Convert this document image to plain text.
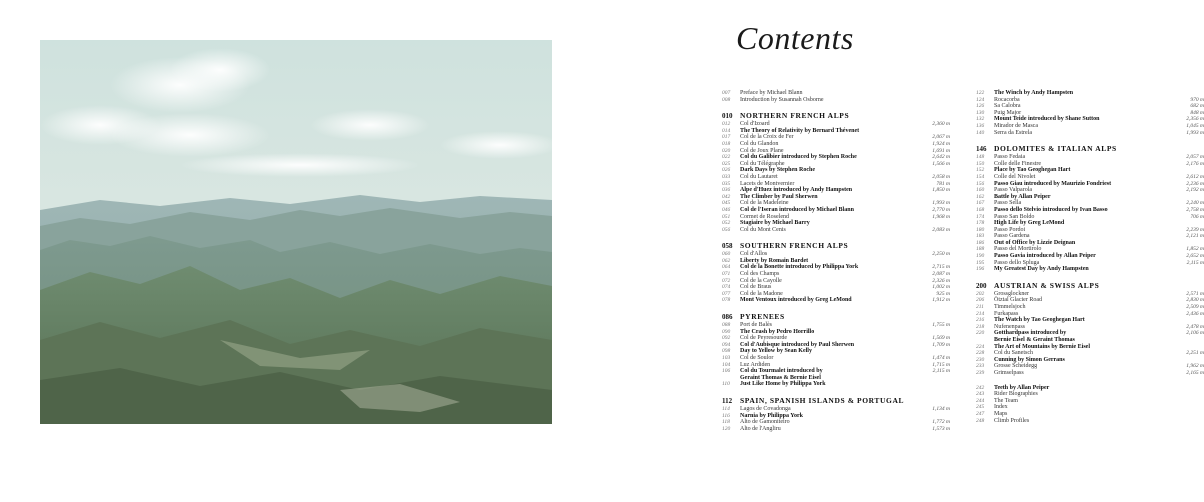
Contents
007	Preface by Michael Blann
008	Introduction by Susannah Osborne
010	NORTHERN FRENCH ALPS
012	Col d'Izoard	2,360 m
014	The Theory of Relativity by Bernard Thévenet
017	Col de la Croix de Fer	2,067 m
018	Col du Glandon	1,924 m
020	Col de Joux Plane	1,691 m
022	Col du Galibier introduced by Stephen Roche	2,642 m
025	Col du Télégraphe	1,566 m
026	Dark Days by Stephen Roche
033	Col du Lautaret	2,058 m
035	Lacets de Montvernier	781 m
036	Alpe d'Huez introduced by Andy Hampsten	1,850 m
042	The Climber by Paul Sherwen
045	Col de la Madeleine	1,993 m
046	Col de l'Iseran introduced by Michael Blann	2,770 m
051	Cormet de Roselend	1,968 m
052	Stagiaire by Michael Barry
056	Col du Mont Cenis	2,083 m
058	SOUTHERN FRENCH ALPS
060	Col d'Allos	2,250 m
062	Liberty by Romain Bardet
064	Col de la Bonette introduced by Philippa York	2,715 m
071	Col des Champs	2,087 m
072	Col de la Cayolle	2,326 m
074	Col de Braus	1,002 m
077	Col de la Madone	925 m
078	Mont Ventoux introduced by Greg LeMond	1,912 m
086	PYRENEES
088	Port de Balès	1,755 m
090	The Crash by Pedro Horrillo
092	Col de Peyresourde	1,569 m
094	Col d'Aubisque introduced by Paul Sherwen	1,709 m
098	Day to Yellow by Sean Kelly
103	Col de Soulor	1,474 m
104	Luz Ardiden	1,715 m
106	Col du Tourmalet introduced by	2,115 m
Geraint Thomas & Bernie Eisel
110	Just Like Home by Philippa York
112	SPAIN, SPANISH ISLANDS & PORTUGAL
114	Lagos de Covadonga	1,134 m
116	Narnia by Philippa York
118	Alto de Gamoniteiro	1,772 m
120	Alto de l'Angliru	1,573 m
122	The Winch by Andy Hampsten
124	Rocacorba	970 m
126	Sa Calobra	682 m
130	Puig Major	848 m
132	Mount Teide introduced by Shane Sutton	2,356 m
136	Mirador de Masca	1,045 m
140	Serra da Estrela	1,993 m
146	DOLOMITES & ITALIAN ALPS
148	Passo Fedaia	2,057 m
150	Colle delle Finestre	2,176 m
152	Place by Tao Geoghegan Hart
154	Colle del Nivolet	2,612 m
156	Passo Giau introduced by Maurizio Fondriest	2,236 m
160	Passo Valparola	2,192 m
162	Battle by Allan Peiper
167	Passo Sella	2,240 m
168	Passo dello Stelvio introduced by Ivan Basso	2,758 m
174	Passo San Boldo	706 m
178	High Life by Greg LeMond
180	Passo Pordoi	2,239 m
183	Passo Gardena	2,121 m
186	Out of Office by Lizzie Deignan
188	Passo del Mortirolo	1,852 m
190	Passo Gavia introduced by Allan Peiper	2,652 m
195	Passo dello Spluga	2,115 m
196	My Greatest Day by Andy Hampsten
200	AUSTRIAN & SWISS ALPS
202	Grossglockner	2,571 m
206	Ötztal Glacier Road	2,830 m
211	Timmelsjoch	2,509 m
214	Furkapass	2,436 m
216	The Watch by Tao Geoghegan Hart
218	Nufenenpass	2,478 m
220	Gotthardpass introduced by	2,106 m
Bernie Eisel & Geraint Thomas
224	The Art of Mountains by Bernie Eisel
228	Col du Sanetsch	2,251 m
230	Cunning by Simon Gerrans
233	Grosse Scheidegg	1,962 m
239	Grimselpass	2,165 m
242	Teeth by Allan Peiper
243	Rider Biographies
244	The Team
245	Index
247	Maps
248	Climb Profiles
